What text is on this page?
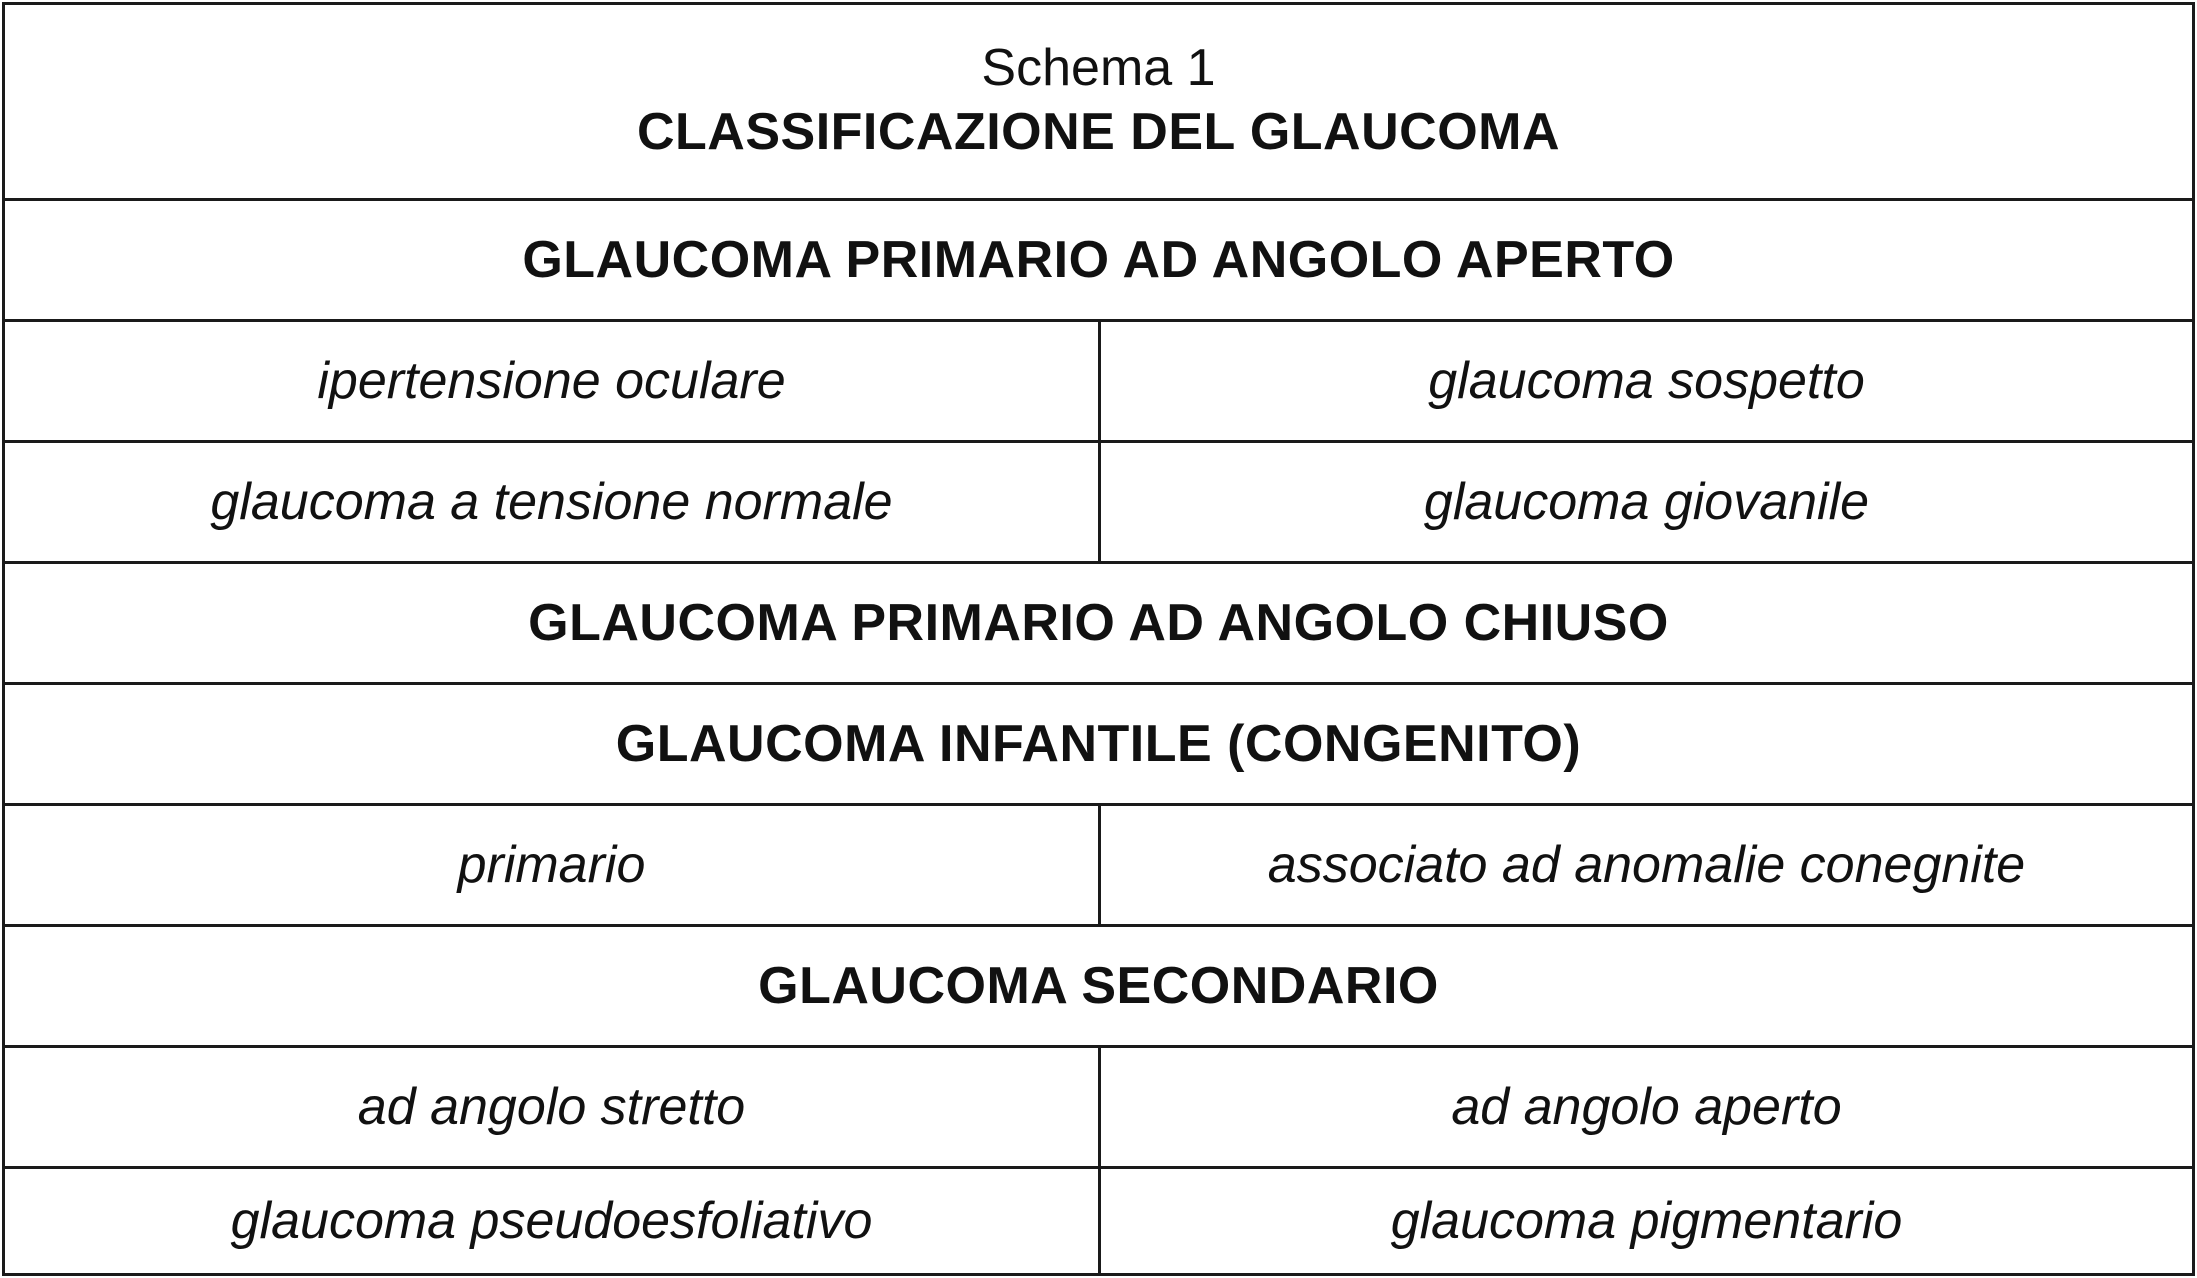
Schema 1
CLASSIFICAZIONE DEL GLAUCOMA
GLAUCOMA PRIMARIO AD ANGOLO APERTO
ipertensione oculare	glaucoma sospetto
glaucoma a tensione normale	glaucoma giovanile
GLAUCOMA PRIMARIO AD ANGOLO CHIUSO
GLAUCOMA INFANTILE (CONGENITO)
primario	associato ad anomalie conegnite
GLAUCOMA SECONDARIO
ad angolo stretto	ad angolo aperto
glaucoma pseudoesfoliativo	glaucoma pigmentario
